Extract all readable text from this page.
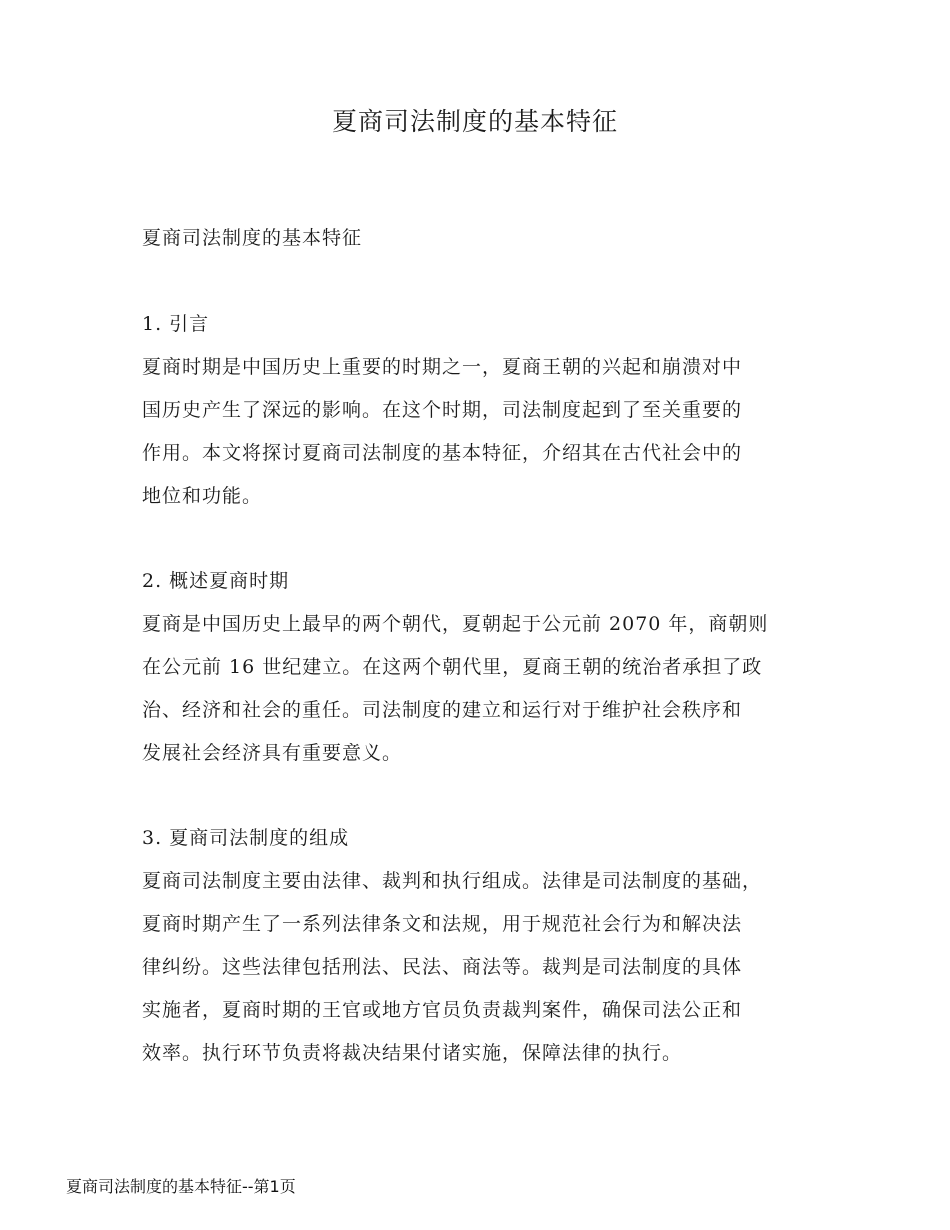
夏商司法制度的基本特征
夏商司法制度的基本特征
1. 引言
夏商时期是中国历史上重要的时期之一，夏商王朝的兴起和崩溃对中
国历史产生了深远的影响。在这个时期，司法制度起到了至关重要的
作用。本文将探讨夏商司法制度的基本特征，介绍其在古代社会中的
地位和功能。
2. 概述夏商时期
夏商是中国历史上最早的两个朝代，夏朝起于公元前 2070 年，商朝则
在公元前 16 世纪建立。在这两个朝代里，夏商王朝的统治者承担了政
治、经济和社会的重任。司法制度的建立和运行对于维护社会秩序和
发展社会经济具有重要意义。
3. 夏商司法制度的组成
夏商司法制度主要由法律、裁判和执行组成。法律是司法制度的基础，
夏商时期产生了一系列法律条文和法规，用于规范社会行为和解决法
律纠纷。这些法律包括刑法、民法、商法等。裁判是司法制度的具体
实施者，夏商时期的王官或地方官员负责裁判案件，确保司法公正和
效率。执行环节负责将裁决结果付诸实施，保障法律的执行。
夏商司法制度的基本特征--第1页
